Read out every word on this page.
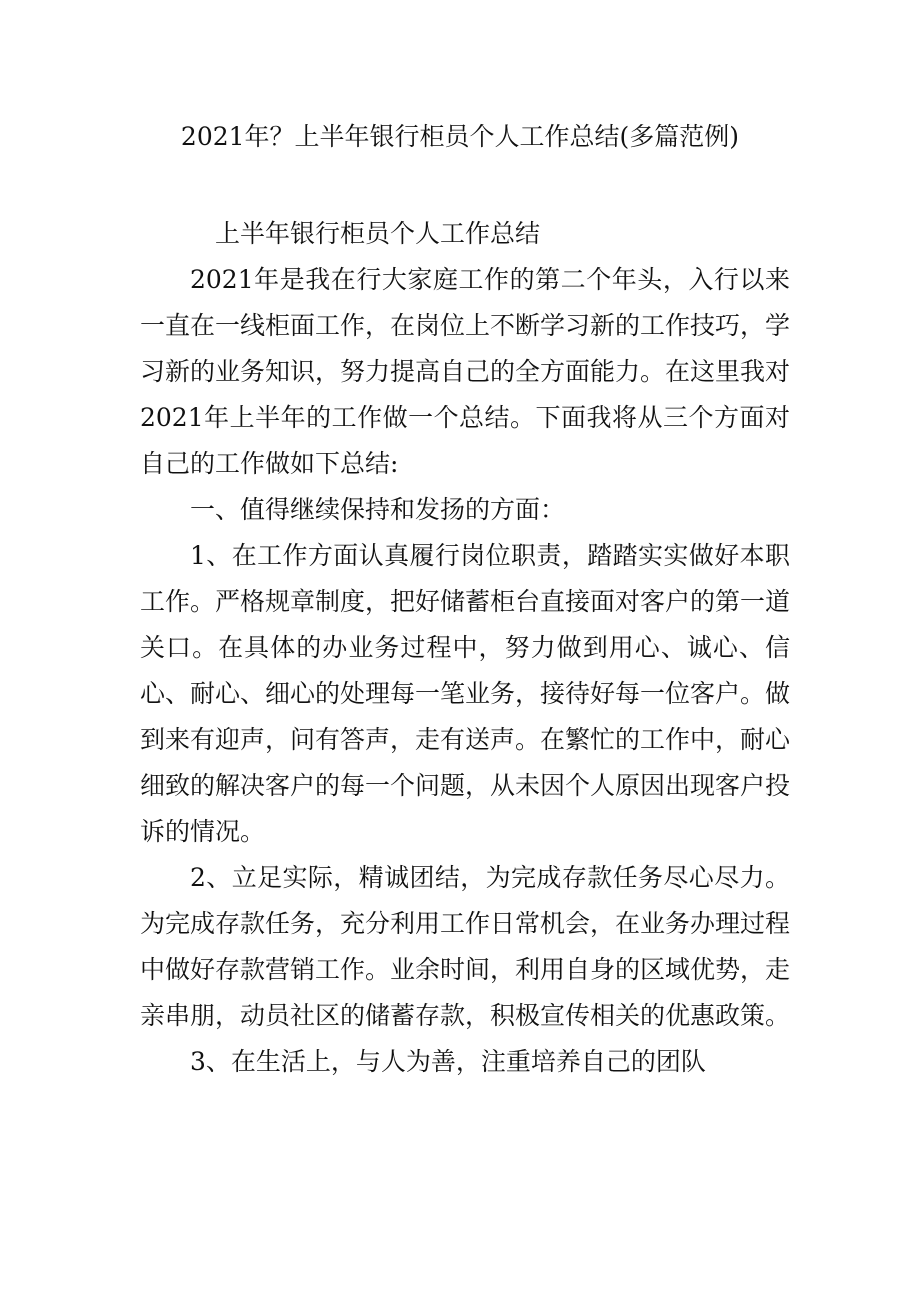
2021年？上半年银行柜员个人工作总结(多篇范例)

上半年银行柜员个人工作总结

2021年是我在行大家庭工作的第二个年头，入行以来一直在一线柜面工作，在岗位上不断学习新的工作技巧，学习新的业务知识，努力提高自己的全方面能力。在这里我对2021年上半年的工作做一个总结。下面我将从三个方面对自己的工作做如下总结:

一、值得继续保持和发扬的方面：

1、在工作方面认真履行岗位职责，踏踏实实做好本职工作。严格规章制度，把好储蓄柜台直接面对客户的第一道关口。在具体的办业务过程中，努力做到用心、诚心、信心、耐心、细心的处理每一笔业务，接待好每一位客户。做到来有迎声，问有答声，走有送声。在繁忙的工作中，耐心细致的解决客户的每一个问题，从未因个人原因出现客户投诉的情况。

2、立足实际，精诚团结，为完成存款任务尽心尽力。为完成存款任务，充分利用工作日常机会，在业务办理过程中做好存款营销工作。业余时间，利用自身的区域优势，走亲串朋，动员社区的储蓄存款，积极宣传相关的优惠政策。

3、在生活上，与人为善，注重培养自己的团队
